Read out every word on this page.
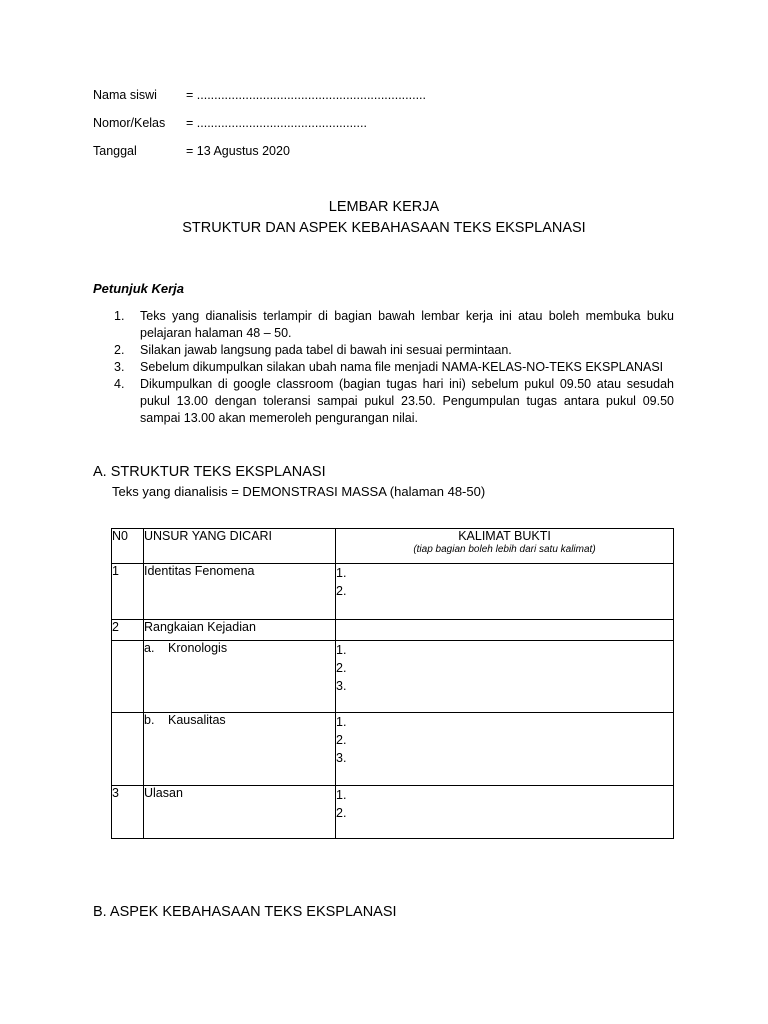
Nama siswi = ..................................................................
Nomor/Kelas = .................................................
Tanggal	= 13 Agustus 2020
LEMBAR KERJA
STRUKTUR DAN ASPEK KEBAHASAAN TEKS EKSPLANASI
Petunjuk Kerja
1. Teks yang dianalisis terlampir di bagian bawah lembar kerja ini atau boleh membuka buku pelajaran halaman 48 – 50.
2. Silakan jawab langsung pada tabel di bawah ini sesuai permintaan.
3. Sebelum dikumpulkan silakan ubah nama file menjadi NAMA-KELAS-NO-TEKS EKSPLANASI
4. Dikumpulkan di google classroom (bagian tugas hari ini) sebelum pukul 09.50 atau sesudah pukul 13.00 dengan toleransi sampai pukul 23.50. Pengumpulan tugas antara pukul 09.50 sampai 13.00 akan memeroleh pengurangan nilai.
A. STRUKTUR TEKS EKSPLANASI
Teks yang dianalisis = DEMONSTRASI MASSA (halaman 48-50)
N0	UNSUR YANG DICARI	KALIMAT BUKTI
(tiap bagian boleh lebih dari satu kalimat)

1	Identitas Fenomena	1.
2.

2	Rangkaian Kejadian	
	a. Kronologis	1.
2.
3.

	b. Kausalitas	1.
2.
3.

3	Ulasan	1.
2.
B. ASPEK KEBAHASAAN TEKS EKSPLANASI
